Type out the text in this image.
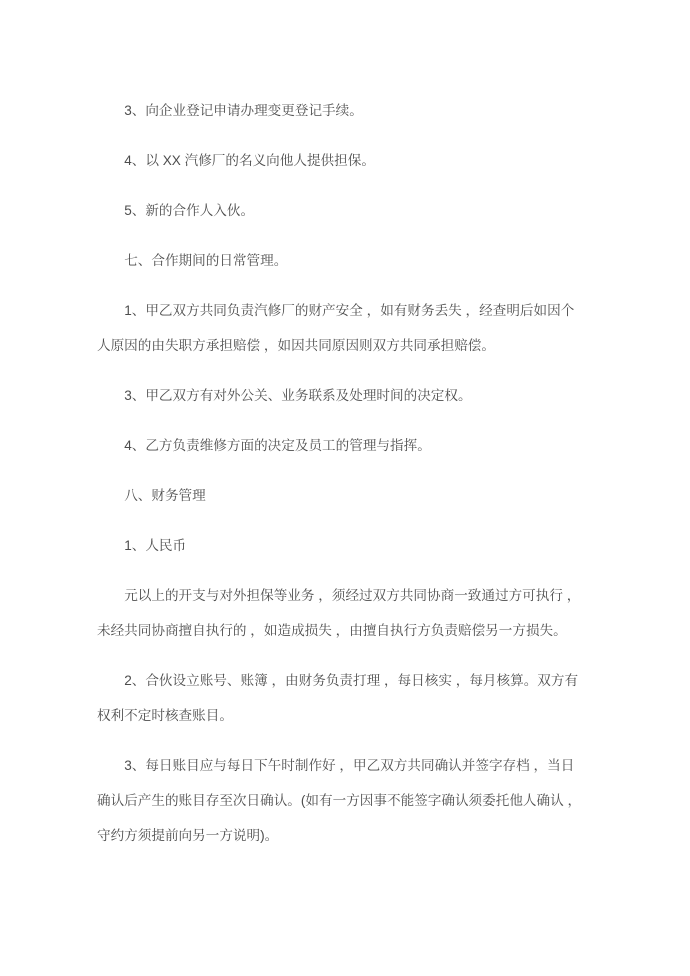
3、向企业登记申请办理变更登记手续。

4、以 XX 汽修厂的名义向他人提供担保。

5、新的合作人入伙。

七、合作期间的日常管理。

1、甲乙双方共同负责汽修厂的财产安全 ，如有财务丢失 ，经查明后如因个
人原因的由失职方承担赔偿 ，如因共同原因则双方共同承担赔偿。

3、甲乙双方有对外公关、业务联系及处理时间的决定权。

4、乙方负责维修方面的决定及员工的管理与指挥。

八、财务管理

1、人民币

元以上的开支与对外担保等业务 ，须经过双方共同协商一致通过方可执行 ，
未经共同协商擅自执行的 ，如造成损失 ，由擅自执行方负责赔偿另一方损失。

2、合伙设立账号、账簿 ，由财务负责打理 ，每日核实 ，每月核算。双方有
权利不定时核查账目。

3、每日账目应与每日下午时制作好 ，甲乙双方共同确认并签字存档 ，当日
确认后产生的账目存至次日确认。(如有一方因事不能签字确认须委托他人确认 ，
守约方须提前向另一方说明)。
